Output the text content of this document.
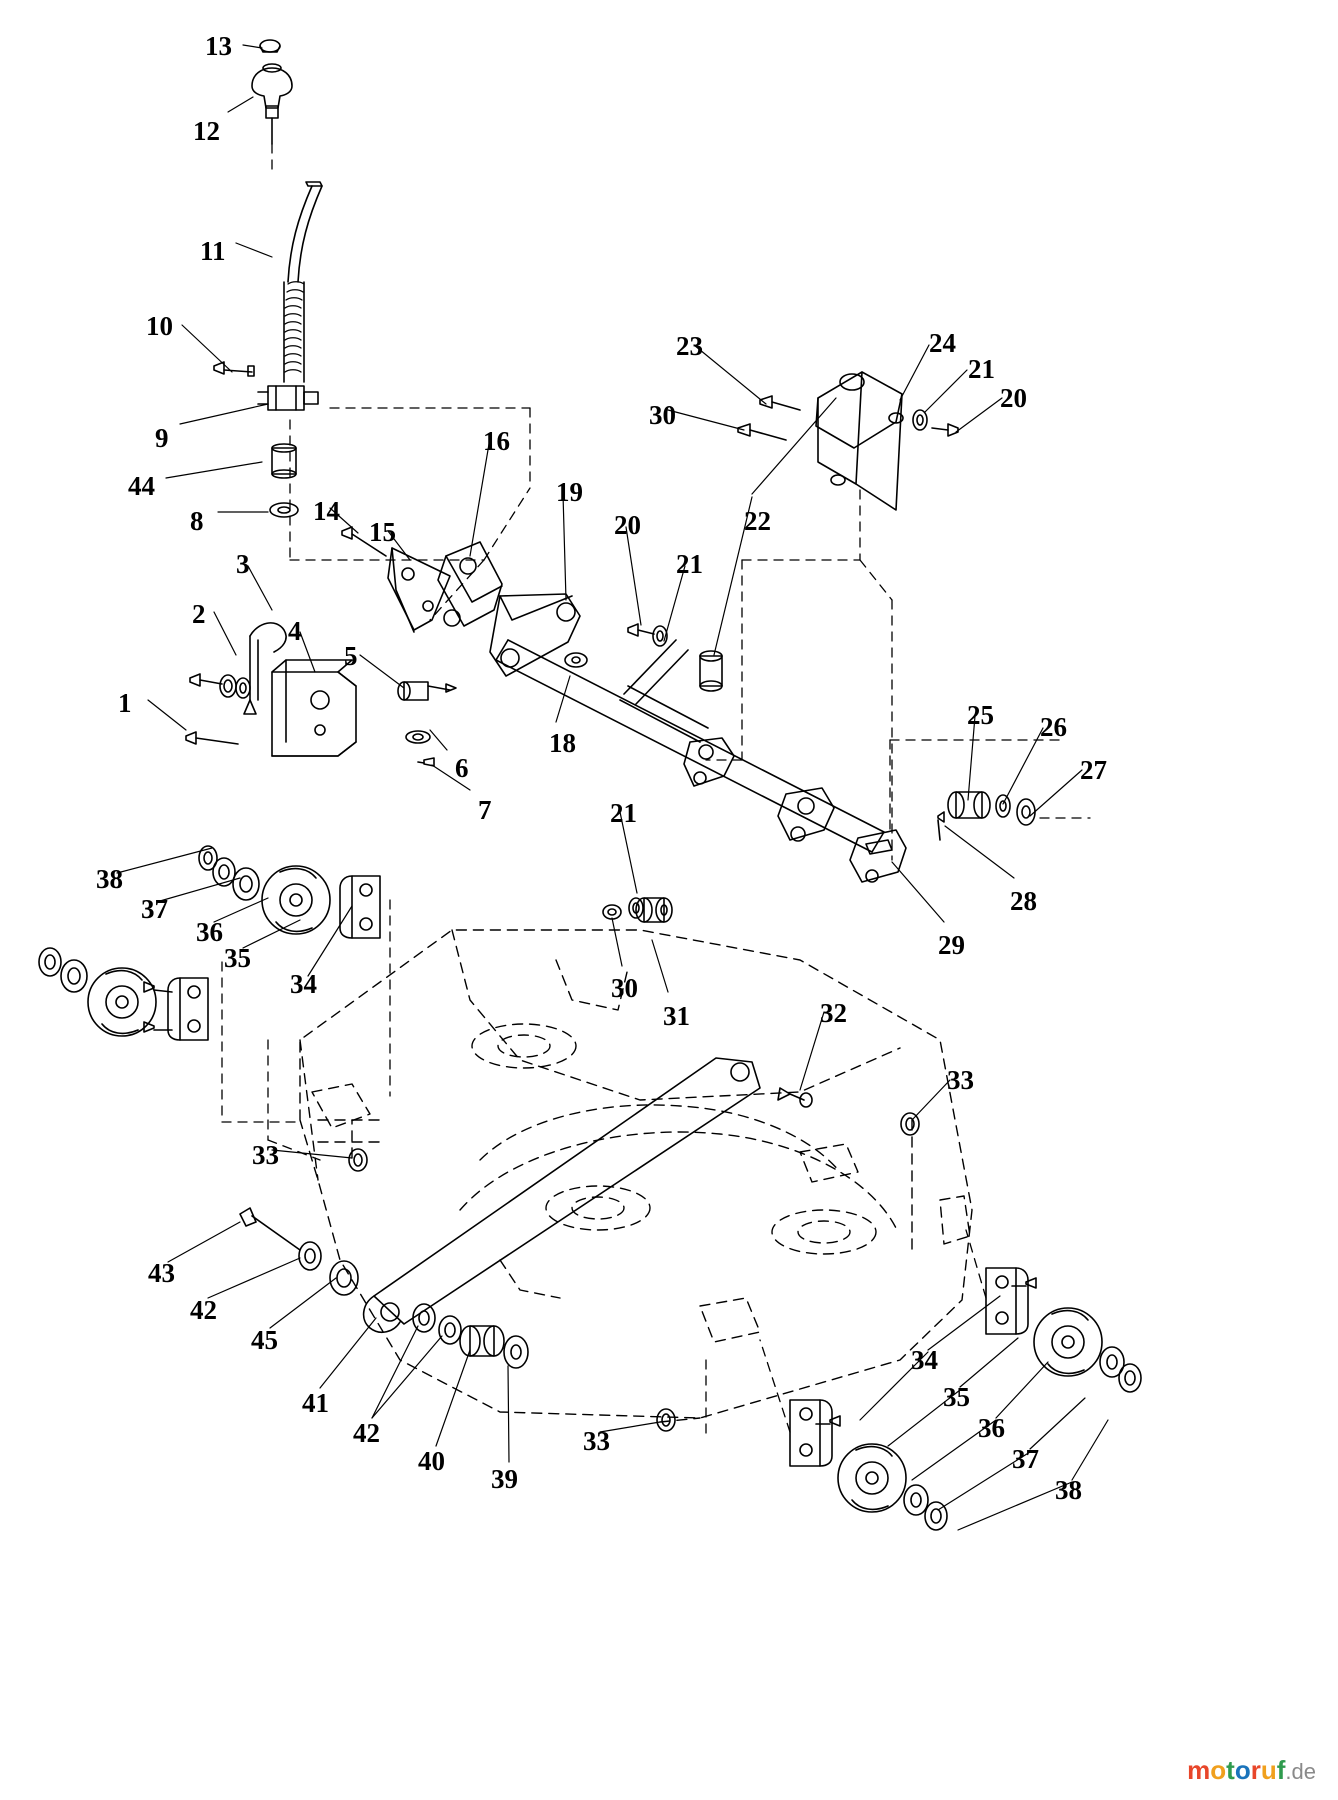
13
12
11
10
9
44
8
3
2
1
4
5
6
7
14
15
16
19
18
20
21
22
23
30
24
21
20
25 26
27
28
29
21
30
31	32
33
33
33
38
37
36
35
34
43
42
45
41
42
40
39
34
35
36
37
38
motoruf.de
